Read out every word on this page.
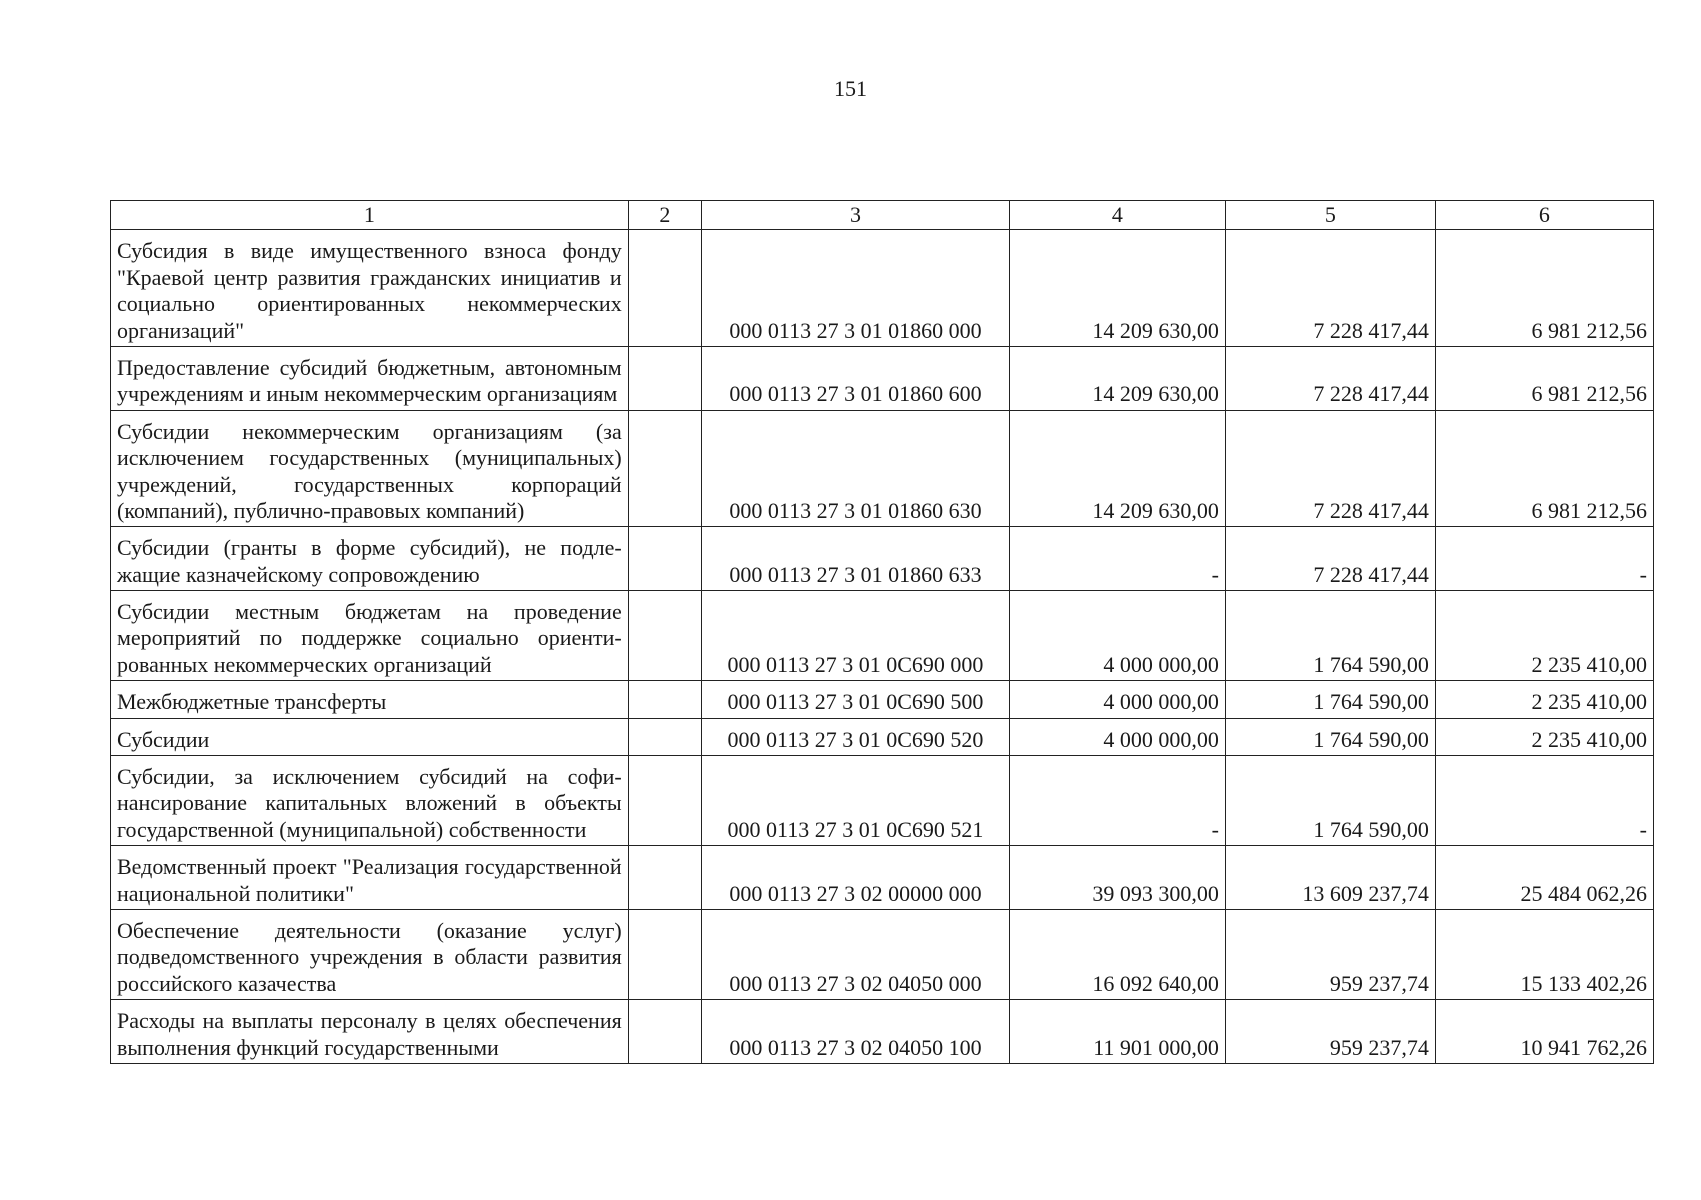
151
1	2	3	4	5	6
Субсидия в виде имущественного взноса фонду "Краевой центр развития гражданских инициатив и социально ориентированных некоммерческих организаций"		000 0113 27 3 01 01860 000	14 209 630,00	7 228 417,44	6 981 212,56
Предоставление субсидий бюджетным, автономным учреждениям и иным некоммерческим организациям		000 0113 27 3 01 01860 600	14 209 630,00	7 228 417,44	6 981 212,56
Субсидии некоммерческим организациям (за исключением государственных (муниципальных) учреждений, государственных корпораций (компаний), публично-правовых компаний)		000 0113 27 3 01 01860 630	14 209 630,00	7 228 417,44	6 981 212,56
Субсидии (гранты в форме субсидий), не подлежащие казначейскому сопровождению		000 0113 27 3 01 01860 633	-	7 228 417,44	-
Субсидии местным бюджетам на проведение мероприятий по поддержке социально ориентированных некоммерческих организаций		000 0113 27 3 01 0С690 000	4 000 000,00	1 764 590,00	2 235 410,00
Межбюджетные трансферты		000 0113 27 3 01 0С690 500	4 000 000,00	1 764 590,00	2 235 410,00
Субсидии		000 0113 27 3 01 0С690 520	4 000 000,00	1 764 590,00	2 235 410,00
Субсидии, за исключением субсидий на софинансирование капитальных вложений в объекты государственной (муниципальной) собственности		000 0113 27 3 01 0С690 521	-	1 764 590,00	-
Ведомственный проект "Реализация государственной национальной политики"		000 0113 27 3 02 00000 000	39 093 300,00	13 609 237,74	25 484 062,26
Обеспечение деятельности (оказание услуг) подведомственного учреждения в области развития российского казачества		000 0113 27 3 02 04050 000	16 092 640,00	959 237,74	15 133 402,26
Расходы на выплаты персоналу в целях обеспечения выполнения функций государственными		000 0113 27 3 02 04050 100	11 901 000,00	959 237,74	10 941 762,26
